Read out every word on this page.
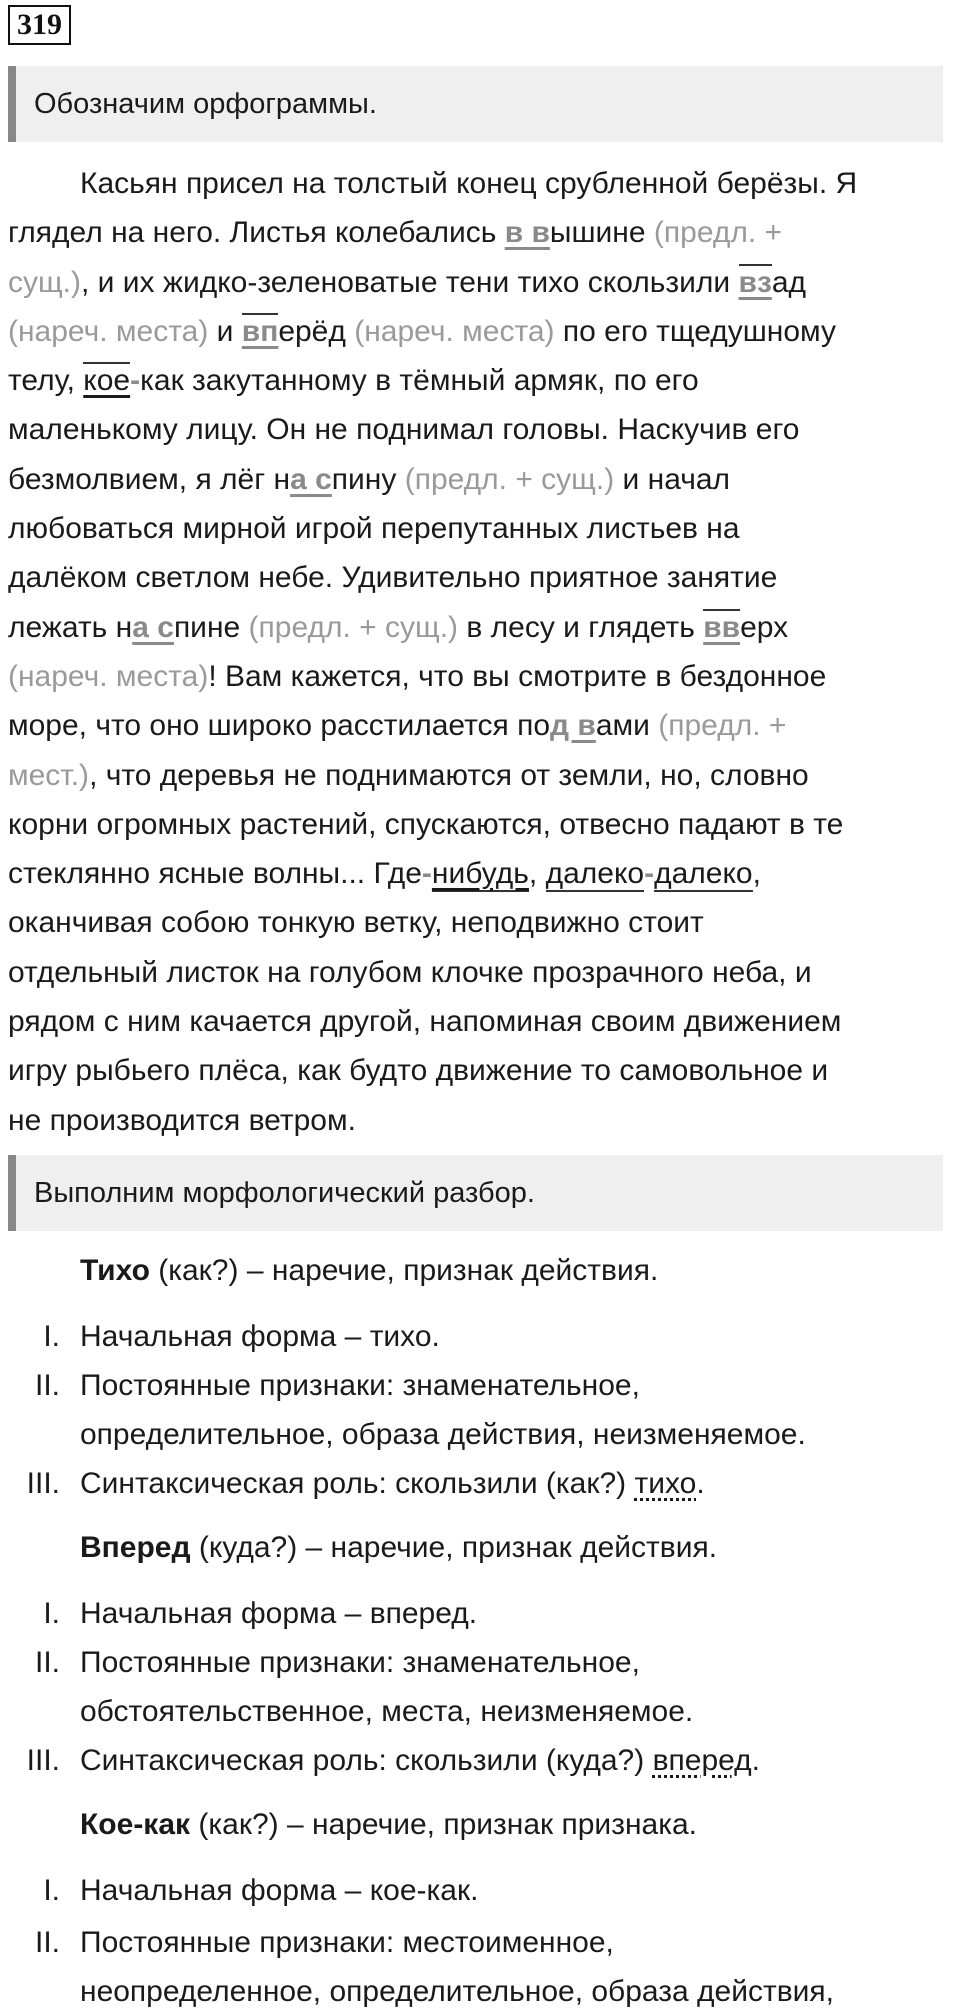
319
Обозначим орфограммы.

Касьян присел на толстый конец срубленной берёзы. Я

глядел на него. Листья колебались в вышине (предл. +

сущ.), и их жидко-зеленоватые тени тихо скользили взад

(нареч. места) и вперёд (нареч. места) по его тщедушному

телу, кое-как закутанному в тёмный армяк, по его

маленькому лицу. Он не поднимал головы. Наскучив его

безмолвием, я лёг на спину (предл. + сущ.) и начал

любоваться мирной игрой перепутанных листьев на

далёком светлом небе. Удивительно приятное занятие

лежать на спине (предл. + сущ.) в лесу и глядеть вверх

(нареч. места)! Вам кажется, что вы смотрите в бездонное

море, что оно широко расстилается под вами (предл. +

мест.), что деревья не поднимаются от земли, но, словно

корни огромных растений, спускаются, отвесно падают в те

стеклянно ясные волны... Где-нибудь, далеко-далеко,

оканчивая собою тонкую ветку, неподвижно стоит

отдельный листок на голубом клочке прозрачного неба, и

рядом с ним качается другой, напоминая своим движением

игру рыбьего плёса, как будто движение то самовольное и

не производится ветром.

Выполним морфологический разбор.
Тихо (как?) – наречие, признак действия.
I. Начальная форма – тихо.
II. Постоянные признаки: знаменательное,
определительное, образа действия, неизменяемое.
III. Синтаксическая роль: скользили (как?) тихо.
Вперед (куда?) – наречие, признак действия.
I. Начальная форма – вперед.
II. Постоянные признаки: знаменательное,
обстоятельственное, места, неизменяемое.
III. Синтаксическая роль: скользили (куда?) вперед.
Кое-как (как?) – наречие, признак признака.
I. Начальная форма – кое-как.
II. Постоянные признаки: местоименное,
неопределенное, определительное, образа действия,
